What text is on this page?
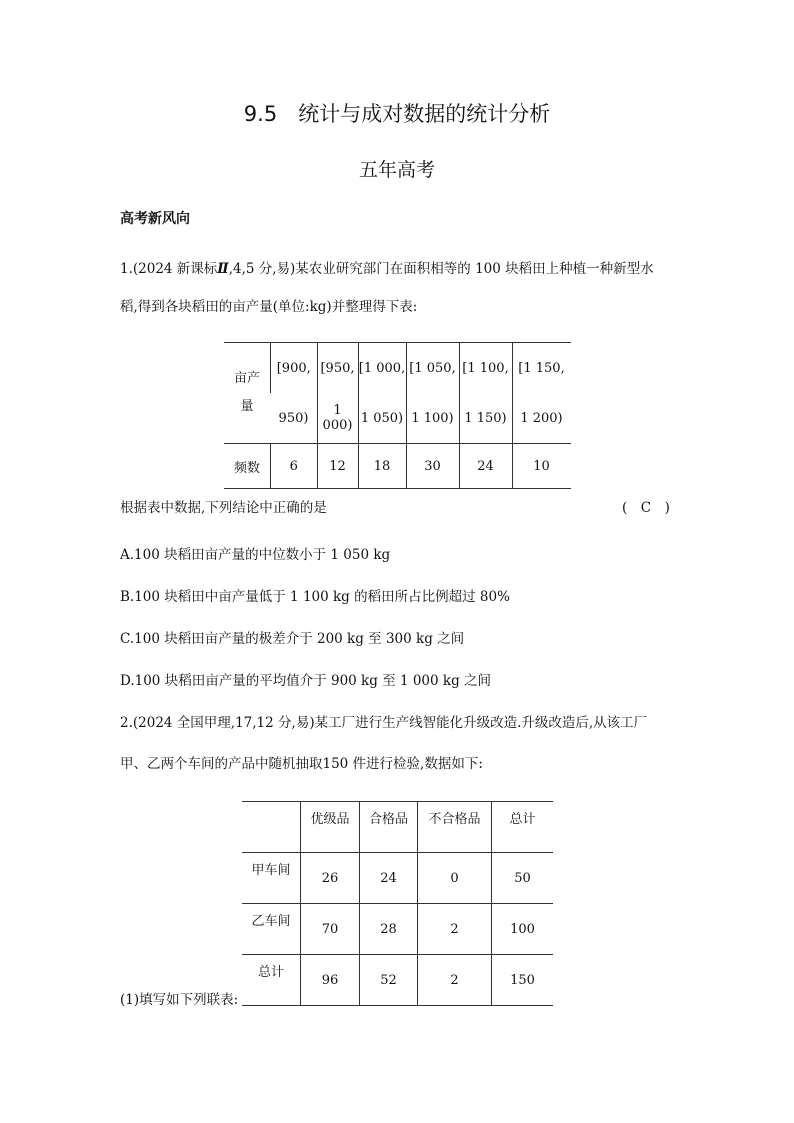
9.5　统计与成对数据的统计分析
五年高考
高考新风向
1.(2024 新课标Ⅱ,4,5 分,易)某农业研究部门在面积相等的 100 块稻田上种植一种新型水
稻,得到各块稻田的亩产量(单位:kg)并整理得下表:
亩产量	[900,	[950,	[1 000,	[1 050,	[1 100,	[1 150,
	950)	1 000)	1 050)	1 100)	1 150)	1 200)
频数	6	12	18	30	24	10
根据表中数据,下列结论中正确的是	(　C　)
A.100 块稻田亩产量的中位数小于 1 050 kg
B.100 块稻田中亩产量低于 1 100 kg 的稻田所占比例超过 80%
C.100 块稻田亩产量的极差介于 200 kg 至 300 kg 之间
D.100 块稻田亩产量的平均值介于 900 kg 至 1 000 kg 之间
2.(2024 全国甲理,17,12 分,易)某工厂进行生产线智能化升级改造.升级改造后,从该工厂
甲、乙两个车间的产品中随机抽取150 件进行检验,数据如下:
	优级品	合格品	不合格品	总计
甲车间	26	24	0	50
乙车间	70	28	2	100
总计	96	52	2	150
(1)填写如下列联表:
